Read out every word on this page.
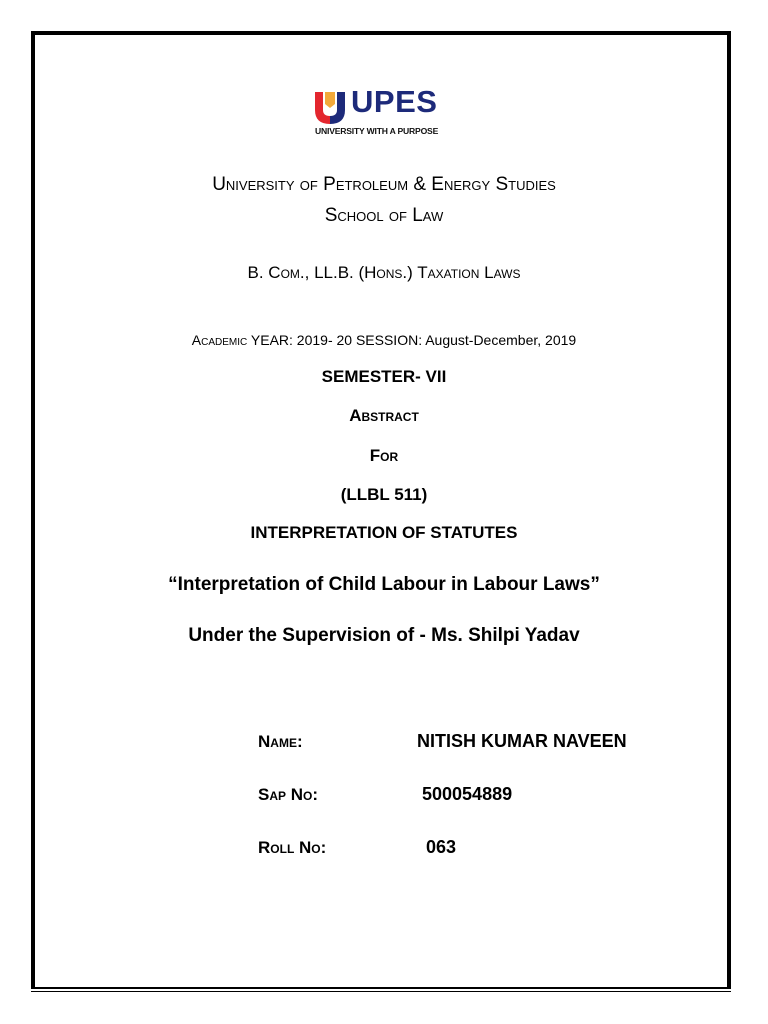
UPES
UNIVERSITY WITH A PURPOSE
University of Petroleum & Energy Studies
School of Law
B. Com., LL.B. (Hons.) Taxation Laws
Academic YEAR: 2019- 20 SESSION: August-December, 2019
SEMESTER- VII
Abstract
For
(LLBL 511)
INTERPRETATION OF STATUTES
“Interpretation of Child Labour in Labour Laws”
Under the Supervision of - Ms. Shilpi Yadav
Name:	NITISH KUMAR NAVEEN
Sap No:	500054889
Roll No:	063
